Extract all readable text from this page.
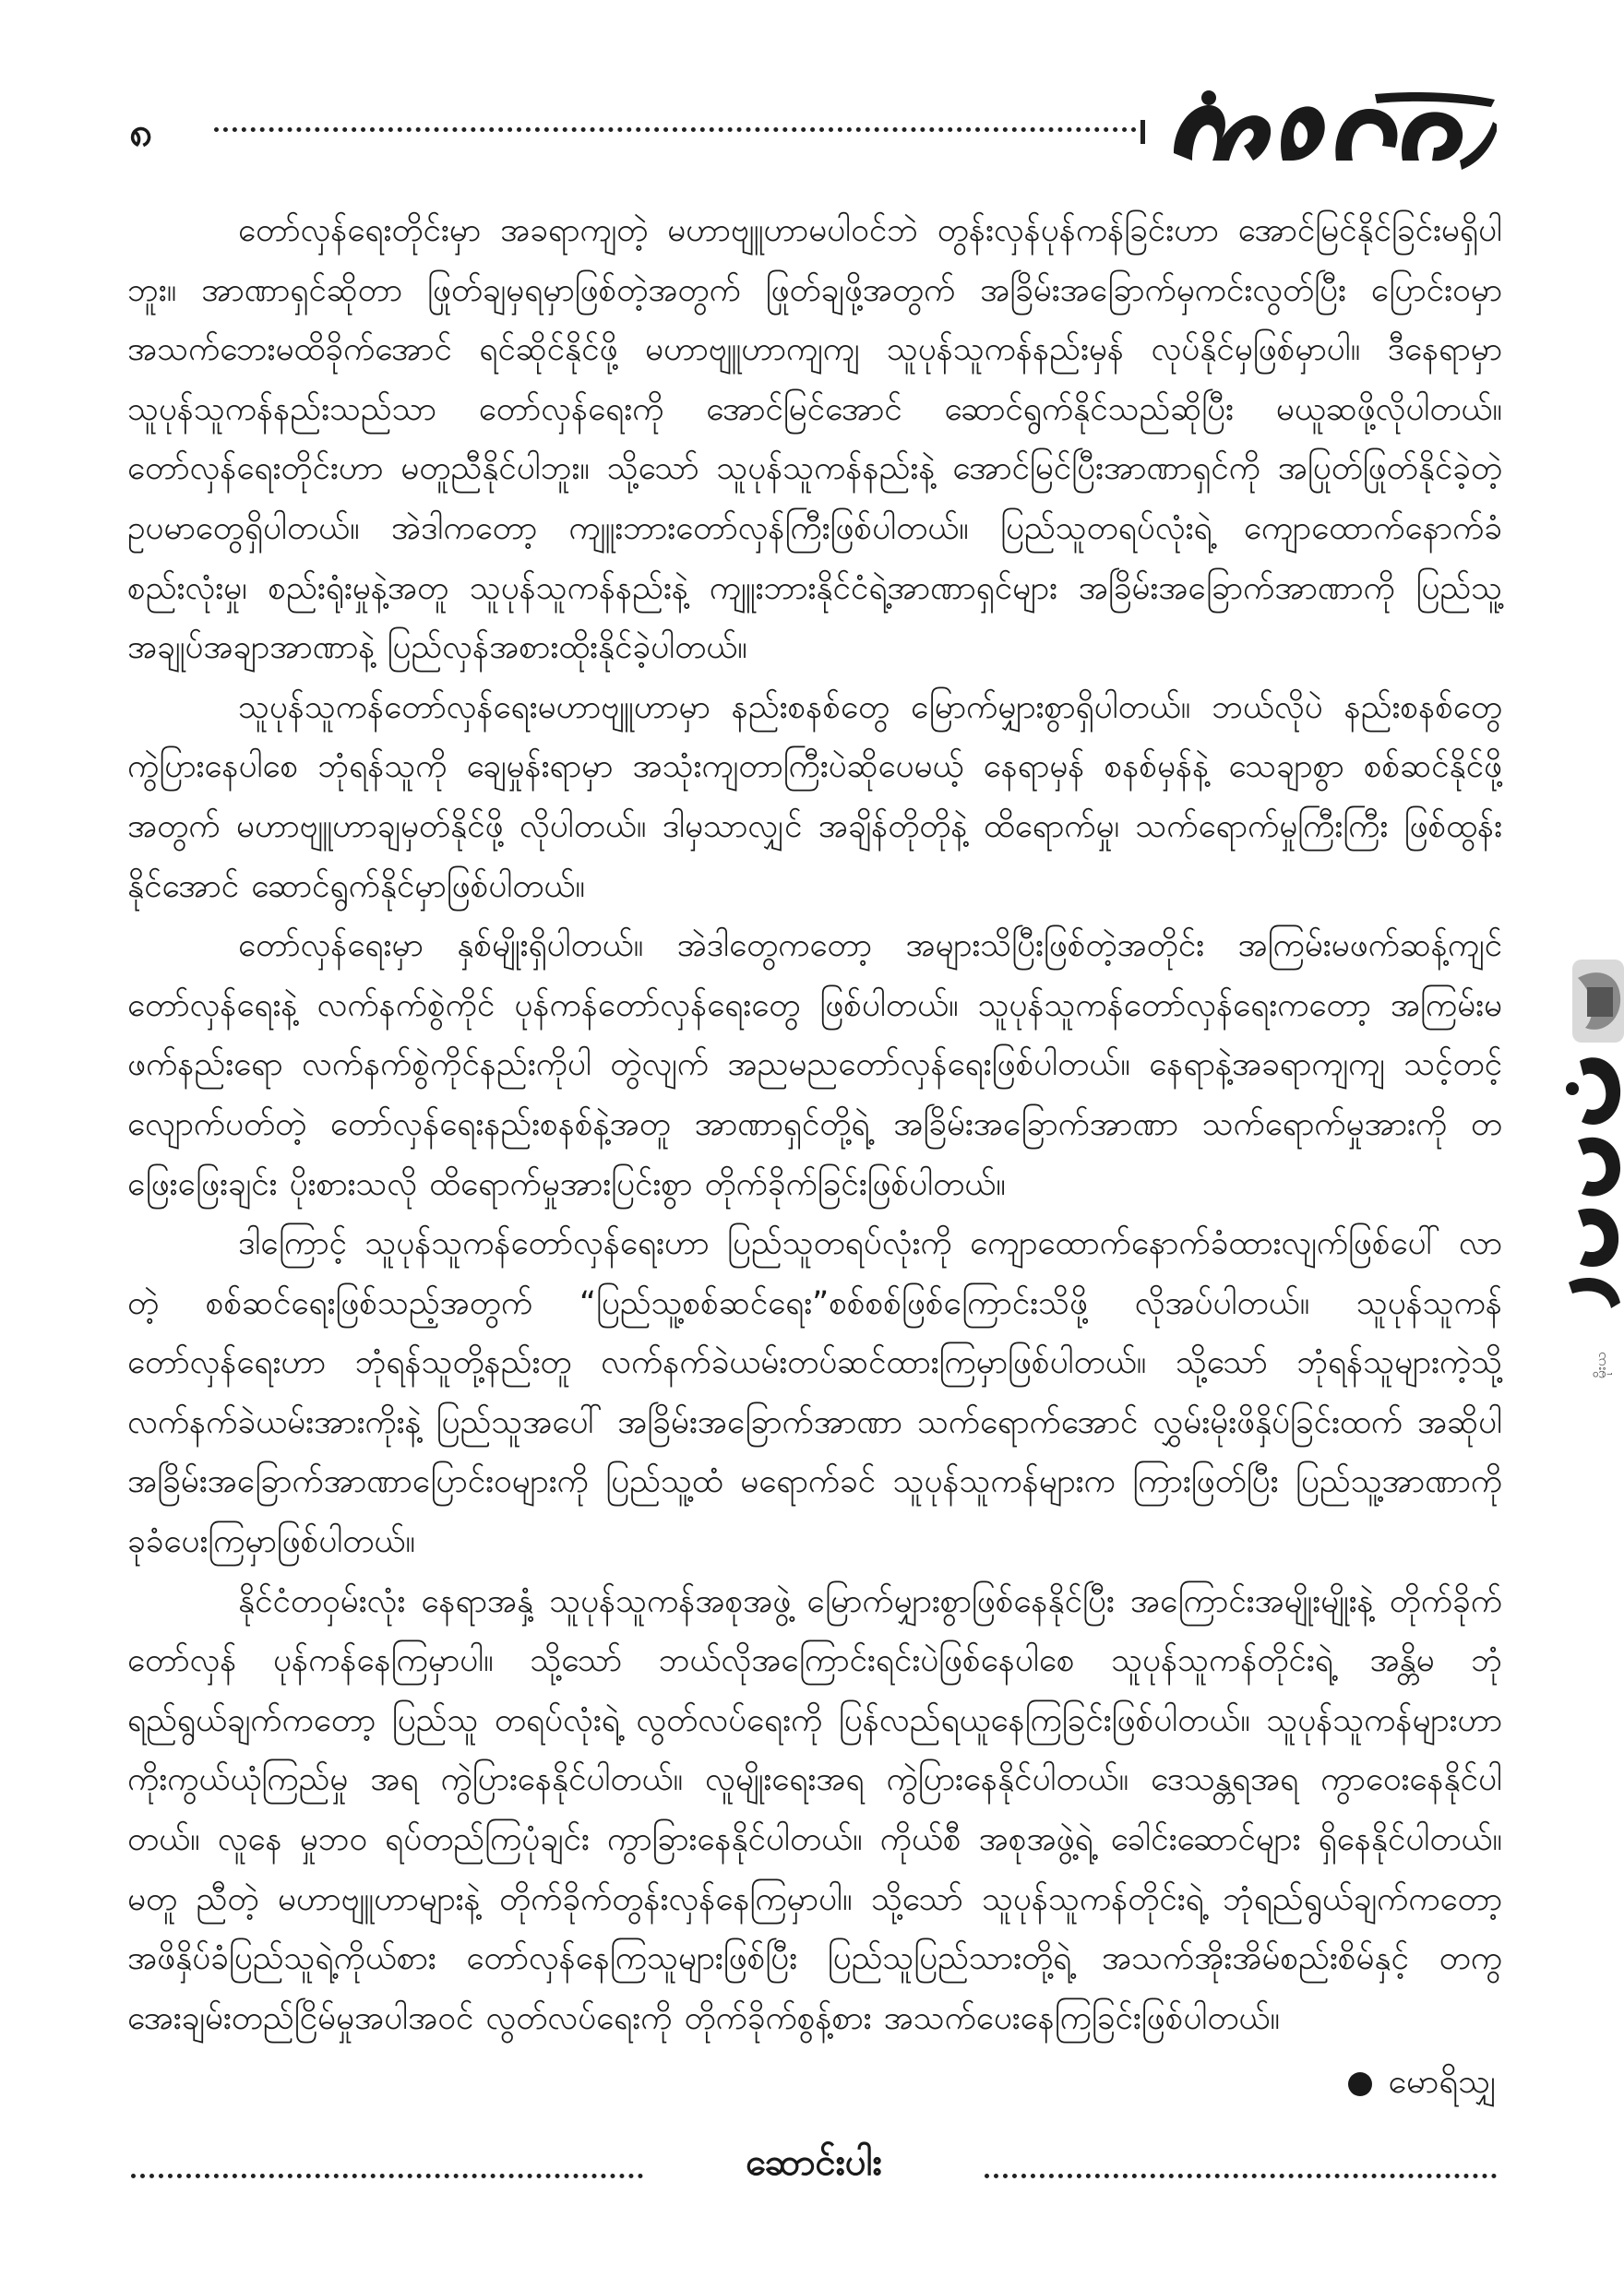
၈
မိုးယ

တော်လှန်ရေးတိုင်းမှာ အခရာကျတဲ့ မဟာဗျူဟာမပါဝင်ဘဲ တွန်းလှန်ပုန်ကန်ခြင်းဟာ အောင်မြင်နိုင်ခြင်းမရှိပါဘူး။ အာဏာရှင်ဆိုတာ ဖြုတ်ချမှရမှာဖြစ်တဲ့အတွက် ဖြုတ်ချဖို့အတွက် အခြိမ်းအခြောက်မှကင်းလွတ်ပြီး ပြောင်းဝမှာ အသက်ဘေးမထိခိုက်အောင် ရင်ဆိုင်နိုင်ဖို့ မဟာဗျူဟာကျကျ သူပုန်သူကန်နည်းမှန် လုပ်နိုင်မှဖြစ်မှာပါ။ ဒီနေရာမှာ သူပုန်သူကန်နည်းသည်သာ တော်လှန်ရေးကို အောင်မြင်အောင် ဆောင်ရွက်နိုင်သည်ဆိုပြီး မယူဆဖို့လိုပါတယ်။ တော်လှန်ရေးတိုင်းဟာ မတူညီနိုင်ပါဘူး။ သို့သော် သူပုန်သူကန်နည်းနဲ့ အောင်မြင်ပြီးအာဏာရှင်ကို အပြုတ်ဖြုတ်နိုင်ခဲ့တဲ့ ဥပမာတွေရှိပါတယ်။ အဲဒါကတော့ ကျူးဘားတော်လှန်ကြီးဖြစ်ပါတယ်။ ပြည်သူတရပ်လုံးရဲ့ ကျောထောက်နောက်ခံစည်းလုံးမှု၊ စည်းရုံးမှုနဲ့အတူ သူပုန်သူကန်နည်းနဲ့ ကျူးဘားနိုင်ငံရဲ့အာဏာရှင်များ အခြိမ်းအခြောက်အာဏာကို ပြည်သူ့အချုပ်အချာအာဏာနဲ့ ပြည်လှန်အစားထိုးနိုင်ခဲ့ပါတယ်။

သူပုန်သူကန်တော်လှန်ရေးမဟာဗျူဟာမှာ နည်းစနစ်တွေ မြောက်မျှားစွာရှိပါတယ်။ ဘယ်လိုပဲ နည်းစနစ်တွေကွဲပြားနေပါစေ ဘုံရန်သူကို ချေမှုန်းရာမှာ အသုံးကျတာကြီးပဲဆိုပေမယ့် နေရာမှန် စနစ်မှန်နဲ့ သေချာစွာ စစ်ဆင်နိုင်ဖို့အတွက် မဟာဗျူဟာချမှတ်နိုင်ဖို့ လိုပါတယ်။ ဒါမှသာလျှင် အချိန်တိုတိုနဲ့ ထိရောက်မှု၊ သက်ရောက်မှုကြီးကြီး ဖြစ်ထွန်းနိုင်အောင် ဆောင်ရွက်နိုင်မှာဖြစ်ပါတယ်။

တော်လှန်ရေးမှာ နှစ်မျိုးရှိပါတယ်။ အဲဒါတွေကတော့ အများသိပြီးဖြစ်တဲ့အတိုင်း အကြမ်းမဖက်ဆန့်ကျင်တော်လှန်ရေးနဲ့ လက်နက်စွဲကိုင် ပုန်ကန်တော်လှန်ရေးတွေ ဖြစ်ပါတယ်။ သူပုန်သူကန်တော်လှန်ရေးကတော့ အကြမ်းမဖက်နည်းရော လက်နက်စွဲကိုင်နည်းကိုပါ တွဲလျက် အညမညတော်လှန်ရေးဖြစ်ပါတယ်။ နေရာနဲ့အခရာကျကျ သင့်တင့်လျောက်ပတ်တဲ့ တော်လှန်ရေးနည်းစနစ်နဲ့အတူ အာဏာရှင်တို့ရဲ့ အခြိမ်းအခြောက်အာဏာ သက်ရောက်မှုအားကို တဖြေးဖြေးချင်း ပိုးစားသလို ထိရောက်မှုအားပြင်းစွာ တိုက်ခိုက်ခြင်းဖြစ်ပါတယ်။

ဒါကြောင့် သူပုန်သူကန်တော်လှန်ရေးဟာ ပြည်သူတရပ်လုံးကို ကျောထောက်နောက်ခံထားလျက်ဖြစ်ပေါ် လာတဲ့ စစ်ဆင်ရေးဖြစ်သည့်အတွက် “ပြည်သူ့စစ်ဆင်ရေး”စစ်စစ်ဖြစ်ကြောင်းသိဖို့ လိုအပ်ပါတယ်။ သူပုန်သူကန်တော်လှန်ရေးဟာ ဘုံရန်သူတို့နည်းတူ လက်နက်ခဲယမ်းတပ်ဆင်ထားကြမှာဖြစ်ပါတယ်။ သို့သော် ဘုံရန်သူများကဲ့သို့ လက်နက်ခဲယမ်းအားကိုးနဲ့ ပြည်သူအပေါ် အခြိမ်းအခြောက်အာဏာ သက်ရောက်အောင် လွှမ်းမိုးဖိနှိပ်ခြင်းထက် အဆိုပါအခြိမ်းအခြောက်အာဏာပြောင်းဝများကို ပြည်သူ့ထံ မရောက်ခင် သူပုန်သူကန်များက ကြားဖြတ်ပြီး ပြည်သူ့အာဏာကို ခုခံပေးကြမှာဖြစ်ပါတယ်။

နိုင်ငံတဝှမ်းလုံး နေရာအနှံ့ သူပုန်သူကန်အစုအဖွဲ့ မြောက်မျှားစွာဖြစ်နေနိုင်ပြီး အကြောင်းအမျိုးမျိုးနဲ့ တိုက်ခိုက်တော်လှန် ပုန်ကန်နေကြမှာပါ။ သို့သော် ဘယ်လိုအကြောင်းရင်းပဲဖြစ်နေပါစေ သူပုန်သူကန်တိုင်းရဲ့ အန္တိမ ဘုံရည်ရွယ်ချက်ကတော့ ပြည်သူ တရပ်လုံးရဲ့ လွတ်လပ်ရေးကို ပြန်လည်ရယူနေကြခြင်းဖြစ်ပါတယ်။ သူပုန်သူကန်များဟာ ကိုးကွယ်ယုံကြည်မှု အရ ကွဲပြားနေနိုင်ပါတယ်။ လူမျိုးရေးအရ ကွဲပြားနေနိုင်ပါတယ်။ ဒေသန္တရအရ ကွာဝေးနေနိုင်ပါတယ်။ လူနေ မှုဘဝ ရပ်တည်ကြပုံချင်း ကွာခြားနေနိုင်ပါတယ်။ ကိုယ်စီ အစုအဖွဲ့ရဲ့ ခေါင်းဆောင်များ ရှိနေနိုင်ပါတယ်။ မတူ ညီတဲ့ မဟာဗျူဟာများနဲ့ တိုက်ခိုက်တွန်းလှန်နေကြမှာပါ။ သို့သော် သူပုန်သူကန်တိုင်းရဲ့ ဘုံရည်ရွယ်ချက်ကတော့ အဖိနှိပ်ခံပြည်သူရဲ့ကိုယ်စား တော်လှန်နေကြသူများဖြစ်ပြီး ပြည်သူပြည်သားတို့ရဲ့ အသက်အိုးအိမ်စည်းစိမ်နှင့် တကွ အေးချမ်းတည်ငြိမ်မှုအပါအဝင် လွတ်လပ်ရေးကို တိုက်ခိုက်စွန့်စား အသက်ပေးနေကြခြင်းဖြစ်ပါတယ်။

မောရိသျှ
ဆောင်းပါး
